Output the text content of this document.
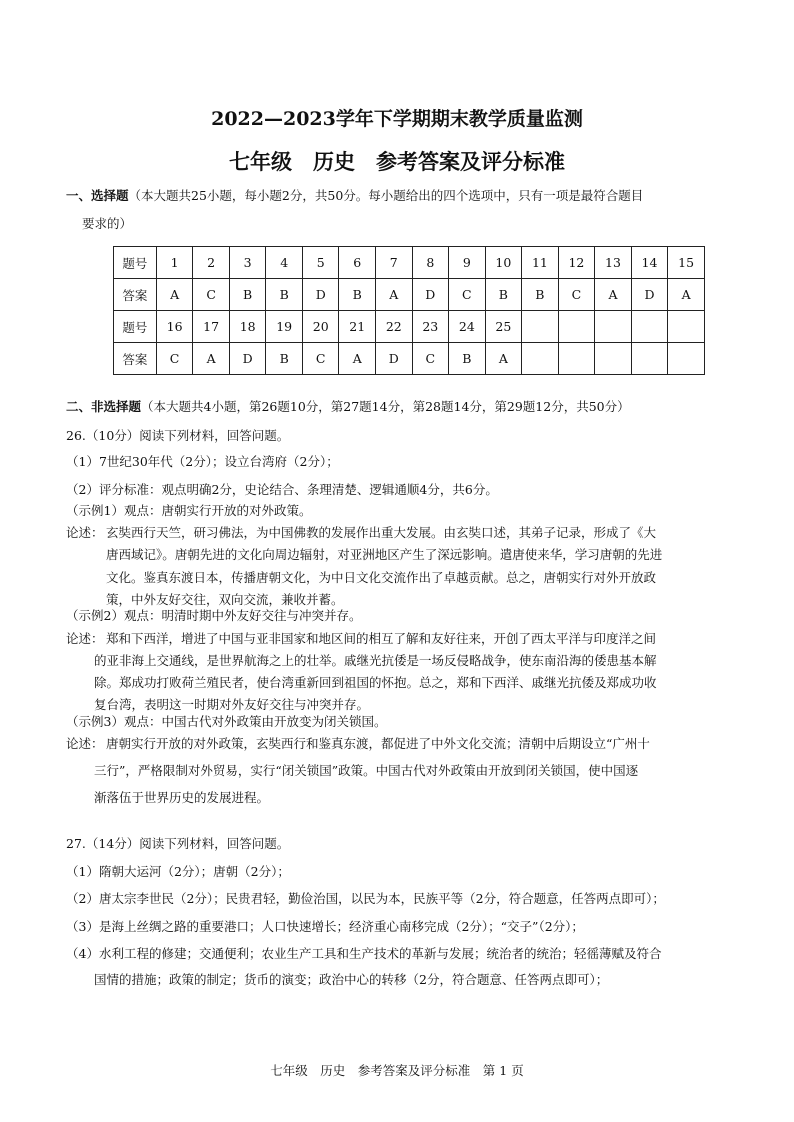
2022—2023学年下学期期末教学质量监测
七年级　历史　参考答案及评分标准
一、选择题（本大题共25小题，每小题2分，共50分。每小题给出的四个选项中，只有一项是最符合题目
要求的）
题号	1	2	3	4	5	6	7	8	9	10	11	12	13	14	15
答案	A	C	B	B	D	B	A	D	C	B	B	C	A	D	A
题号	16	17	18	19	20	21	22	23	24	25					
答案	C	A	D	B	C	A	D	C	B	A					
二、非选择题（本大题共4小题，第26题10分，第27题14分，第28题14分，第29题12分，共50分）
26.（10分）阅读下列材料，回答问题。
（1）7世纪30年代（2分）；设立台湾府（2分）；
（2）评分标准：观点明确2分，史论结合、条理清楚、逻辑通顺4分，共6分。
（示例1）观点：唐朝实行开放的对外政策。
论述： 玄奘西行天竺，研习佛法，为中国佛教的发展作出重大发展。由玄奘口述，其弟子记录，形成了《大
唐西域记》。唐朝先进的文化向周边辐射，对亚洲地区产生了深远影响。遣唐使来华，学习唐朝的先进
文化。鉴真东渡日本，传播唐朝文化，为中日文化交流作出了卓越贡献。总之，唐朝实行对外开放政
策，中外友好交往，双向交流，兼收并蓄。
（示例2）观点：明清时期中外友好交往与冲突并存。
论述： 郑和下西洋，增进了中国与亚非国家和地区间的相互了解和友好往来，开创了西太平洋与印度洋之间
的亚非海上交通线，是世界航海之上的壮举。戚继光抗倭是一场反侵略战争，使东南沿海的倭患基本解
除。郑成功打败荷兰殖民者，使台湾重新回到祖国的怀抱。总之，郑和下西洋、戚继光抗倭及郑成功收
复台湾，表明这一时期对外友好交往与冲突并存。
（示例3）观点：中国古代对外政策由开放变为闭关锁国。
论述： 唐朝实行开放的对外政策，玄奘西行和鉴真东渡，都促进了中外文化交流；清朝中后期设立“广州十
三行”，严格限制对外贸易，实行“闭关锁国”政策。中国古代对外政策由开放到闭关锁国，使中国逐
渐落伍于世界历史的发展进程。
27.（14分）阅读下列材料，回答问题。
（1）隋朝大运河（2分）；唐朝（2分）；
（2）唐太宗李世民（2分）；民贵君轻，勤俭治国，以民为本，民族平等（2分，符合题意，任答两点即可）；
（3）是海上丝绸之路的重要港口；人口快速增长；经济重心南移完成（2分）；“交子”（2分）；
（4）水利工程的修建；交通便利；农业生产工具和生产技术的革新与发展；统治者的统治；轻徭薄赋及符合
国情的措施；政策的制定；货币的演变；政治中心的转移（2分，符合题意、任答两点即可）；
七年级　历史　参考答案及评分标准　第 1 页
